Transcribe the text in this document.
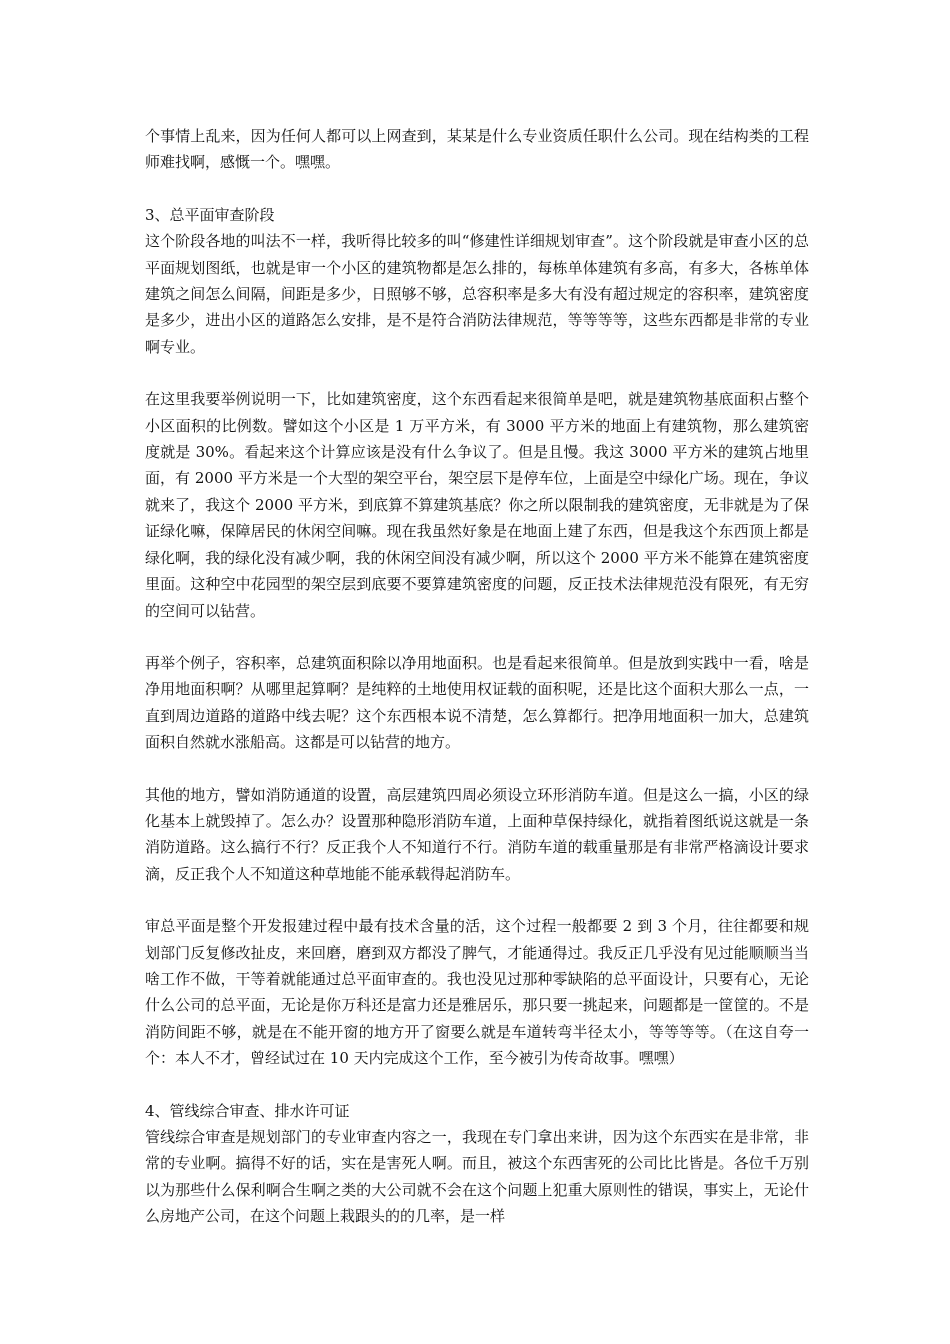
个事情上乱来，因为任何人都可以上网查到，某某是什么专业资质任职什么公司。现在结构类的工程师难找啊，感慨一个。嘿嘿。

3、总平面审查阶段

这个阶段各地的叫法不一样，我听得比较多的叫“修建性详细规划审查”。这个阶段就是审查小区的总平面规划图纸，也就是审一个小区的建筑物都是怎么排的，每栋单体建筑有多高，有多大，各栋单体建筑之间怎么间隔，间距是多少，日照够不够，总容积率是多大有没有超过规定的容积率，建筑密度是多少，进出小区的道路怎么安排，是不是符合消防法律规范，等等等等，这些东西都是非常的专业啊专业。

在这里我要举例说明一下，比如建筑密度，这个东西看起来很简单是吧，就是建筑物基底面积占整个小区面积的比例数。譬如这个小区是 1 万平方米，有 3000 平方米的地面上有建筑物，那么建筑密度就是 30%。看起来这个计算应该是没有什么争议了。但是且慢。我这 3000 平方米的建筑占地里面，有 2000 平方米是一个大型的架空平台，架空层下是停车位，上面是空中绿化广场。现在，争议就来了，我这个 2000 平方米，到底算不算建筑基底？你之所以限制我的建筑密度，无非就是为了保证绿化嘛，保障居民的休闲空间嘛。现在我虽然好象是在地面上建了东西，但是我这个东西顶上都是绿化啊，我的绿化没有减少啊，我的休闲空间没有减少啊，所以这个 2000 平方米不能算在建筑密度里面。这种空中花园型的架空层到底要不要算建筑密度的问题，反正技术法律规范没有限死，有无穷的空间可以钻营。

再举个例子，容积率，总建筑面积除以净用地面积。也是看起来很简单。但是放到实践中一看，啥是净用地面积啊？从哪里起算啊？是纯粹的土地使用权证载的面积呢，还是比这个面积大那么一点，一直到周边道路的道路中线去呢？这个东西根本说不清楚，怎么算都行。把净用地面积一加大，总建筑面积自然就水涨船高。这都是可以钻营的地方。

其他的地方，譬如消防通道的设置，高层建筑四周必须设立环形消防车道。但是这么一搞，小区的绿化基本上就毁掉了。怎么办？设置那种隐形消防车道，上面种草保持绿化，就指着图纸说这就是一条消防道路。这么搞行不行？反正我个人不知道行不行。消防车道的载重量那是有非常严格滴设计要求滴，反正我个人不知道这种草地能不能承载得起消防车。

审总平面是整个开发报建过程中最有技术含量的活，这个过程一般都要 2 到 3 个月，往往都要和规划部门反复修改扯皮，来回磨，磨到双方都没了脾气，才能通得过。我反正几乎没有见过能顺顺当当啥工作不做，干等着就能通过总平面审查的。我也没见过那种零缺陷的总平面设计，只要有心，无论什么公司的总平面，无论是你万科还是富力还是雅居乐，那只要一挑起来，问题都是一筐筐的。不是消防间距不够，就是在不能开窗的地方开了窗要么就是车道转弯半径太小，等等等等。（在这自夸一个：本人不才，曾经试过在 10 天内完成这个工作，至今被引为传奇故事。嘿嘿）

4、管线综合审查、排水许可证

管线综合审查是规划部门的专业审查内容之一，我现在专门拿出来讲，因为这个东西实在是非常，非常的专业啊。搞得不好的话，实在是害死人啊。而且，被这个东西害死的公司比比皆是。各位千万别以为那些什么保利啊合生啊之类的大公司就不会在这个问题上犯重大原则性的错误，事实上，无论什么房地产公司，在这个问题上栽跟头的的几率，是一样
